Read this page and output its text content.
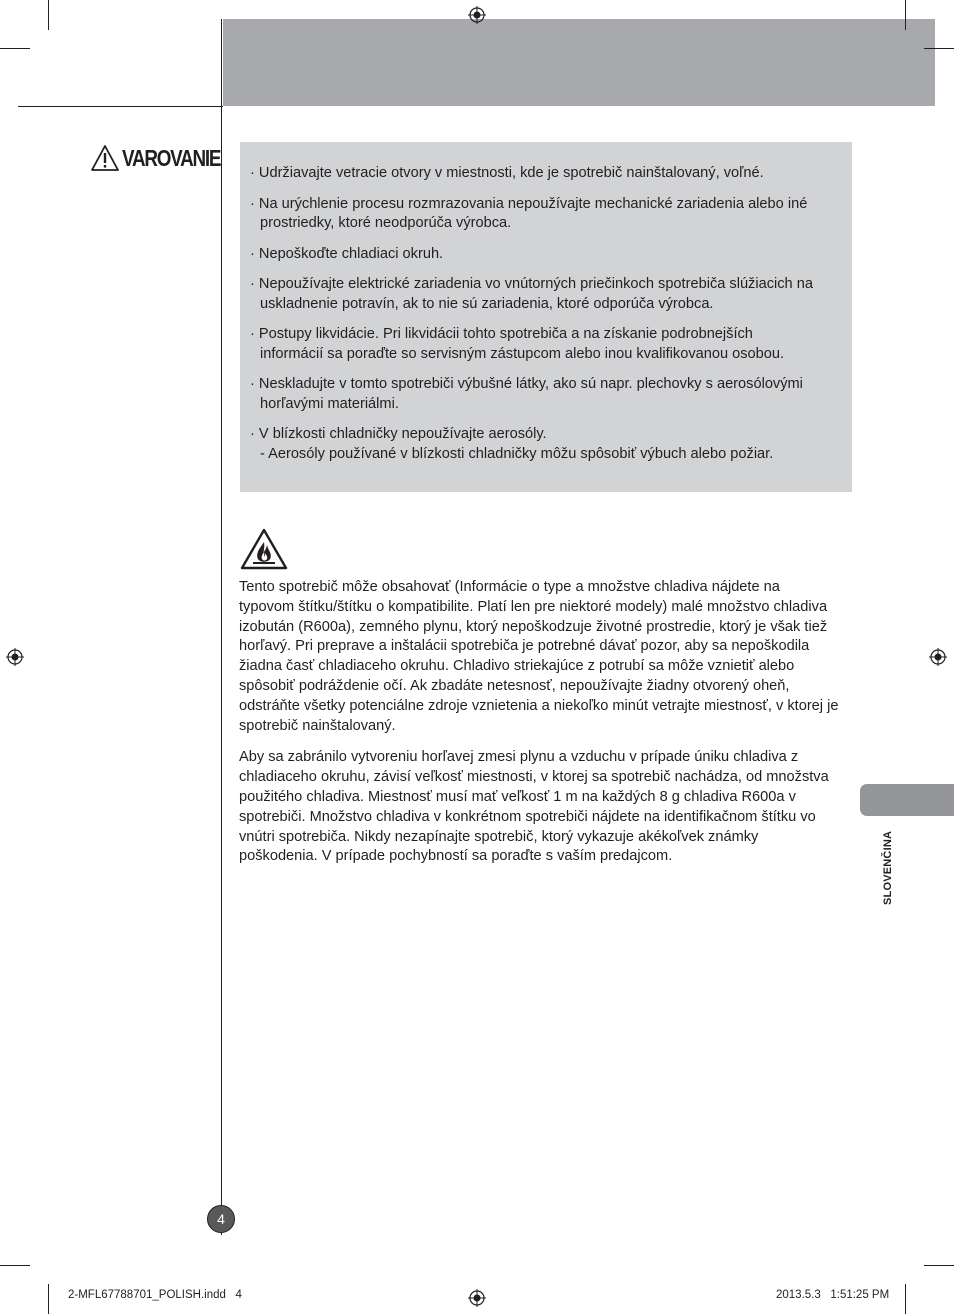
VAROVANIE
· Udržiavajte vetracie otvory v miestnosti, kde je spotrebič nainštalovaný, voľné.
· Na urýchlenie procesu rozmrazovania nepoužívajte mechanické zariadenia alebo iné
prostriedky, ktoré neodporúča výrobca.
· Nepoškoďte chladiaci okruh.
· Nepoužívajte elektrické zariadenia vo vnútorných priečinkoch spotrebiča slúžiacich na
uskladnenie potravín, ak to nie sú zariadenia, ktoré odporúča výrobca.
· Postupy likvidácie. Pri likvidácii tohto spotrebiča a na získanie podrobnejších
informácií sa poraďte so servisným zástupcom alebo inou kvalifikovanou osobou.
· Neskladujte v tomto spotrebiči výbušné látky, ako sú napr. plechovky s aerosólovými
horľavými materiálmi.
· V blízkosti chladničky nepoužívajte aerosóly.
- Aerosóly používané v blízkosti chladničky môžu spôsobiť výbuch alebo požiar.

Tento spotrebič môže obsahovať (Informácie o type a množstve chladiva nájdete na typovom štítku/štítku o kompatibilite. Platí len pre niektoré modely) malé množstvo chladiva izobután (R600a), zemného plynu, ktorý nepoškodzuje životné prostredie, ktorý je však tiež horľavý. Pri preprave a inštalácii spotrebiča je potrebné dávať pozor, aby sa nepoškodila žiadna časť chladiaceho okruhu. Chladivo striekajúce z potrubí sa môže vznietiť alebo spôsobiť podráždenie očí. Ak zbadáte netesnosť, nepoužívajte žiadny otvorený oheň, odstráňte všetky potenciálne zdroje vznietenia a niekoľko minút vetrajte miestnosť, v ktorej je spotrebič nainštalovaný.

Aby sa zabránilo vytvoreniu horľavej zmesi plynu a vzduchu v prípade úniku chladiva z chladiaceho okruhu, závisí veľkosť miestnosti, v ktorej sa spotrebič nachádza, od množstva použitého chladiva. Miestnosť musí mať veľkosť 1 m na každých 8 g chladiva R600a v spotrebiči. Množstvo chladiva v konkrétnom spotrebiči nájdete na identifikačnom štítku vo vnútri spotrebiča. Nikdy nezapínajte spotrebič, ktorý vykazuje akékoľvek známky poškodenia. V prípade pochybností sa poraďte s vaším predajcom.	SLOVENČINA
4
2-MFL67788701_POLISH.indd   4	2013.5.3   1:51:25 PM
